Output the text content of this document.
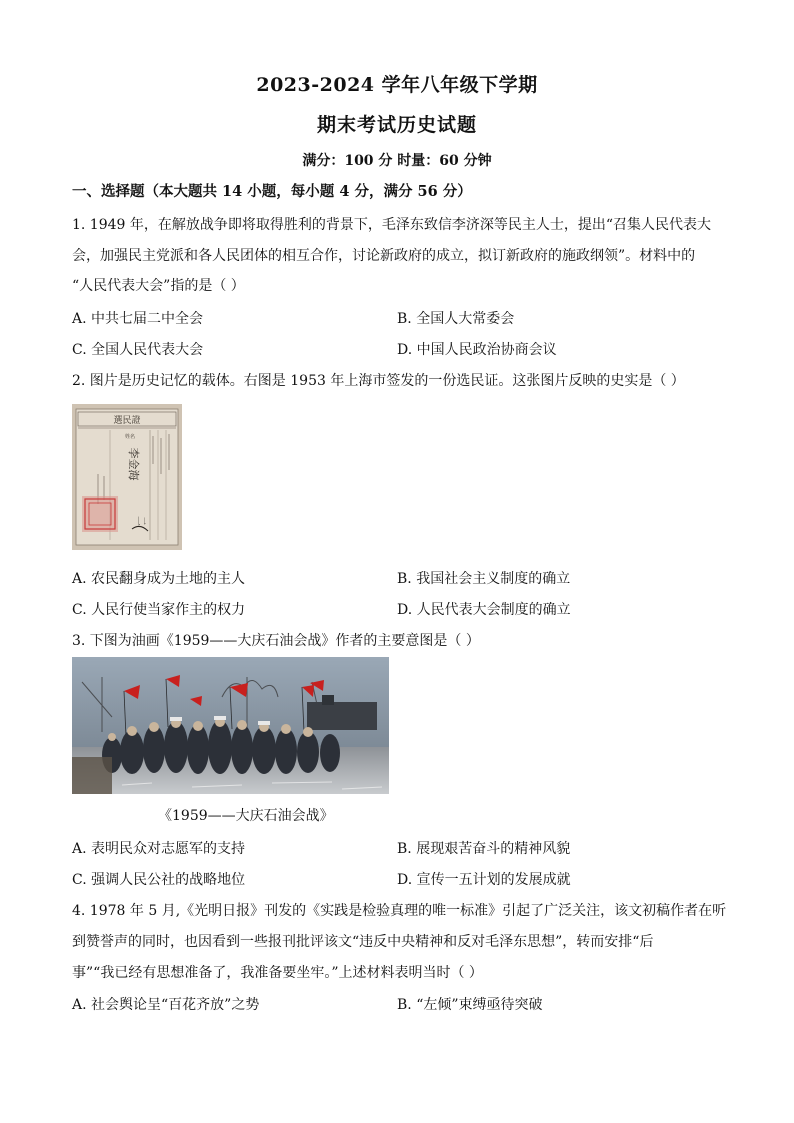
2023-2024 学年八年级下学期
期末考试历史试题
满分：100 分 时量：60 分钟
一、选择题（本大题共 14 小题，每小题 4 分，满分 56 分）
1. 1949 年，在解放战争即将取得胜利的背景下，毛泽东致信李济深等民主人士，提出“召集人民代表大
会，加强民主党派和各人民团体的相互合作，讨论新政府的成立，拟订新政府的施政纲领”。材料中的
“人民代表大会”指的是（ ）
A. 中共七届二中全会	B. 全国人大常委会
C. 全国人民代表大会	D. 中国人民政治协商会议
2. 图片是历史记忆的载体。右图是 1953 年上海市签发的一份选民证。这张图片反映的史实是（ ）
選民證
姓名
李金海
二
A. 农民翻身成为土地的主人	B. 我国社会主义制度的确立
C. 人民行使当家作主的权力	D. 人民代表大会制度的确立
3. 下图为油画《1959——大庆石油会战》作者的主要意图是（ ）
《1959——大庆石油会战》
A. 表明民众对志愿军的支持	B. 展现艰苦奋斗的精神风貌
C. 强调人民公社的战略地位	D. 宣传一五计划的发展成就
4. 1978 年 5 月,《光明日报》刊发的《实践是检验真理的唯一标准》引起了广泛关注，该文初稿作者在听
到赞誉声的同时，也因看到一些报刊批评该文“违反中央精神和反对毛泽东思想”，转而安排“后
事”“我已经有思想准备了，我准备要坐牢。”上述材料表明当时（ ）
A. 社会舆论呈“百花齐放”之势	B. “左倾”束缚亟待突破
